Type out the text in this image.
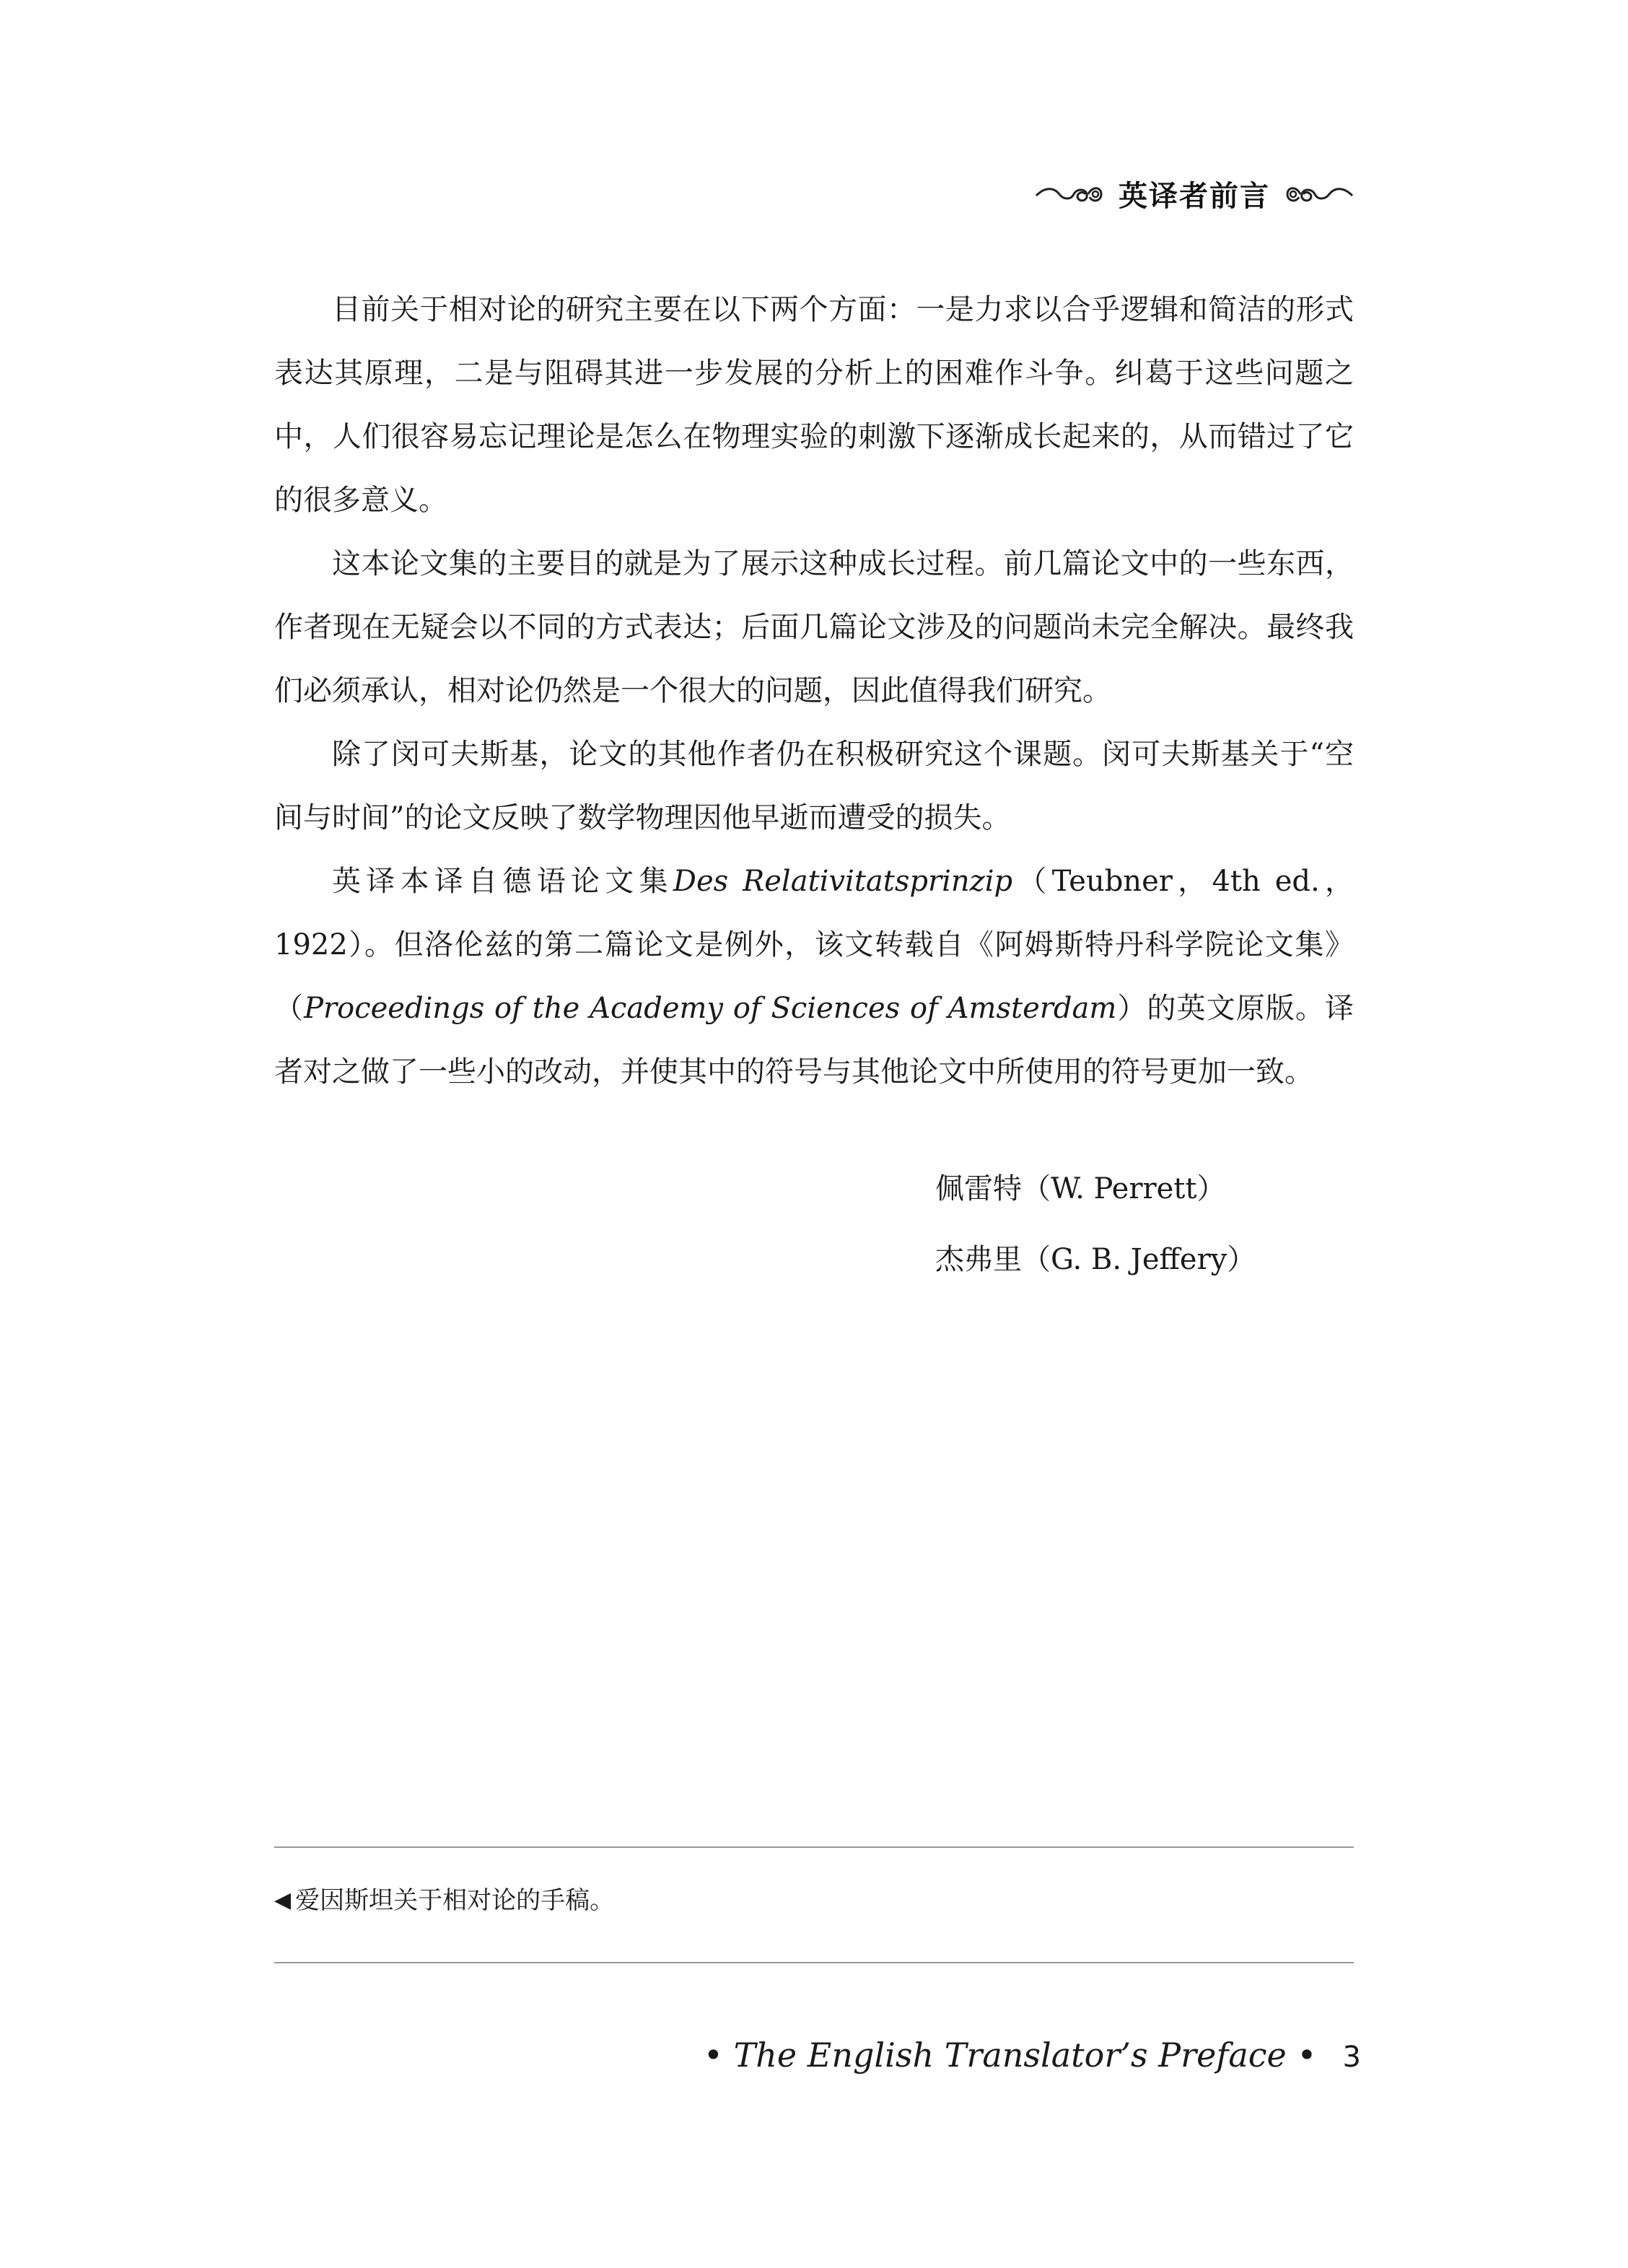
英译者前言

目前关于相对论的研究主要在以下两个方面：一是力求以合乎逻辑和简洁的形式表达其原理，二是与阻碍其进一步发展的分析上的困难作斗争。纠葛于这些问题之中，人们很容易忘记理论是怎么在物理实验的刺激下逐渐成长起来的，从而错过了它的很多意义。

这本论文集的主要目的就是为了展示这种成长过程。前几篇论文中的一些东西，作者现在无疑会以不同的方式表达；后面几篇论文涉及的问题尚未完全解决。最终我们必须承认，相对论仍然是一个很大的问题，因此值得我们研究。

除了闵可夫斯基，论文的其他作者仍在积极研究这个课题。闵可夫斯基关于“空间与时间”的论文反映了数学物理因他早逝而遭受的损失。

英译本译自德语论文集Des Relativitatsprinzip（Teubner，4th ed.，1922）。但洛伦兹的第二篇论文是例外，该文转载自《阿姆斯特丹科学院论文集》（Proceedings of the Academy of Sciences of Amsterdam）的英文原版。译者对之做了一些小的改动，并使其中的符号与其他论文中所使用的符号更加一致。

佩雷特（W. Perrett）
杰弗里（G. B. Jeffery）
◀ 爱因斯坦关于相对论的手稿。
• The English Translator’s Preface • 3
